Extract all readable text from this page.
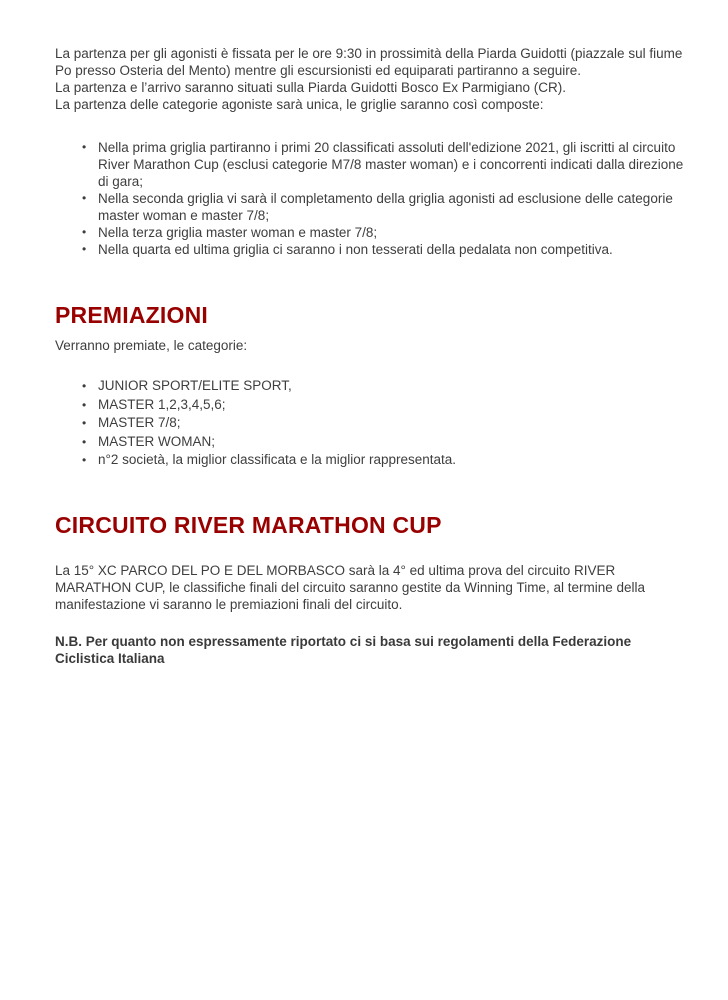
La partenza per gli agonisti è fissata per le ore 9:30 in prossimità della Piarda Guidotti (piazzale sul fiume Po presso Osteria del Mento) mentre gli escursionisti ed equiparati partiranno a seguire.

La partenza e l’arrivo saranno situati sulla Piarda Guidotti Bosco Ex Parmigiano (CR).

La partenza delle categorie agoniste sarà unica, le griglie saranno così composte:

• Nella prima griglia partiranno i primi 20 classificati assoluti dell'edizione 2021, gli iscritti al circuito River Marathon Cup (esclusi categorie M7/8 master woman) e i concorrenti indicati dalla direzione di gara;
• Nella seconda griglia vi sarà il completamento della griglia agonisti ad esclusione delle categorie master woman e master 7/8;
• Nella terza griglia master woman e master 7/8;
• Nella quarta ed ultima griglia ci saranno i non tesserati della pedalata non competitiva.
PREMIAZIONI

Verranno premiate, le categorie:

• JUNIOR SPORT/ELITE SPORT,
• MASTER 1,2,3,4,5,6;
• MASTER 7/8;
• MASTER WOMAN;
• n°2 società, la miglior classificata e la miglior rappresentata.
CIRCUITO RIVER MARATHON CUP

La 15° XC PARCO DEL PO E DEL MORBASCO sarà la 4° ed ultima prova del circuito RIVER MARATHON CUP, le classifiche finali del circuito saranno gestite da Winning Time, al termine della manifestazione vi saranno le premiazioni finali del circuito.

N.B. Per quanto non espressamente riportato ci si basa sui regolamenti della Federazione Ciclistica Italiana
